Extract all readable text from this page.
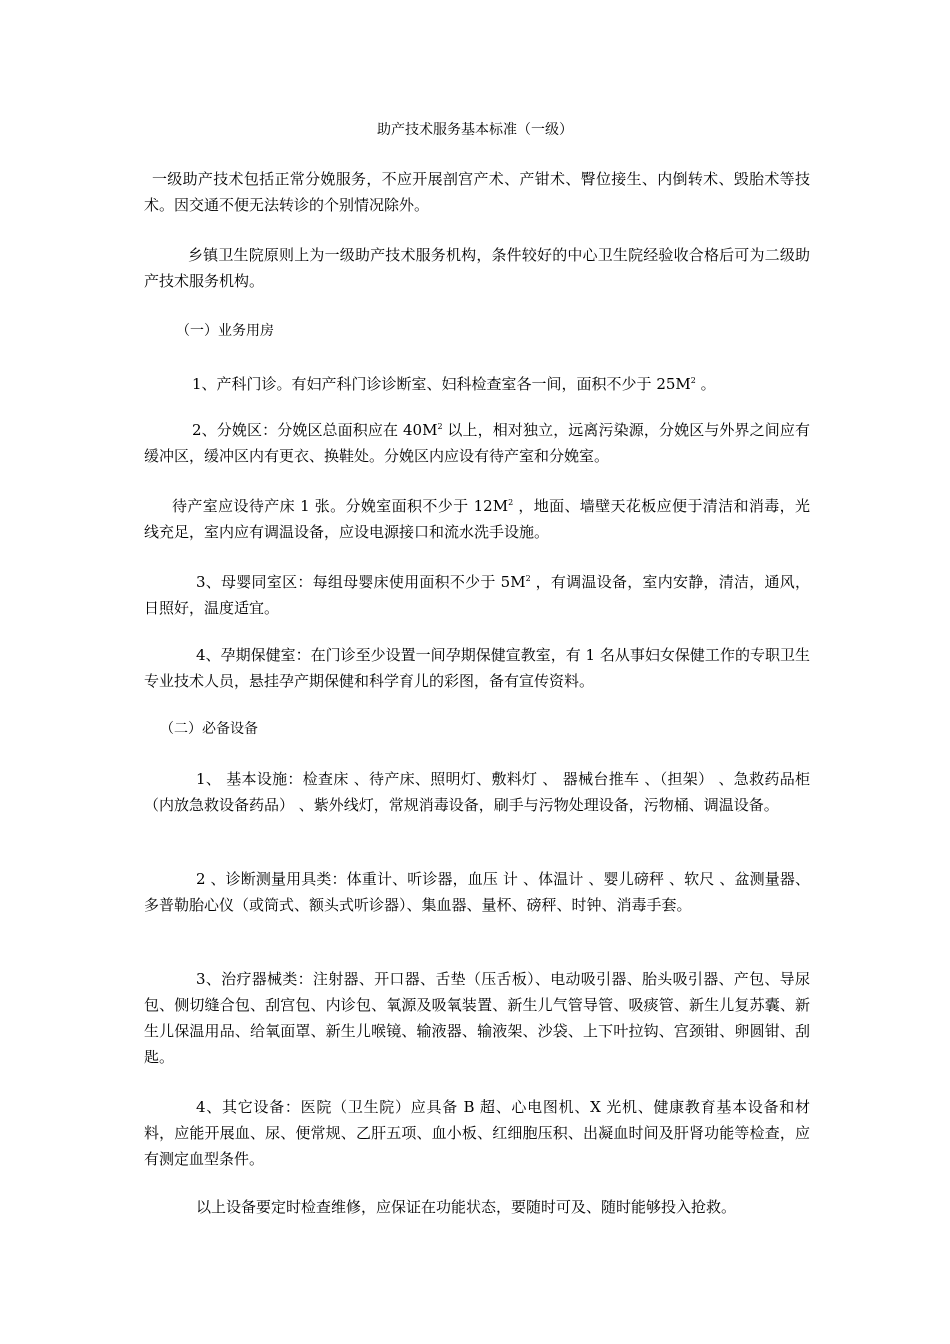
助产技术服务基本标准（一级）

一级助产技术包括正常分娩服务，不应开展剖宫产术、产钳术、臀位接生、内倒转术、毁胎术等技术。因交通不便无法转诊的个别情况除外。

乡镇卫生院原则上为一级助产技术服务机构，条件较好的中心卫生院经验收合格后可为二级助产技术服务机构。

（一）业务用房

1、产科门诊。有妇产科门诊诊断室、妇科检查室各一间，面积不少于 $25M^2$ 。

2、分娩区：分娩区总面积应在 $40M^2$ 以上，相对独立，远离污染源，分娩区与外界之间应有缓冲区，缓冲区内有更衣、换鞋处。分娩区内应设有待产室和分娩室。

待产室应设待产床 1 张。分娩室面积不少于 $12M^2$ ，地面、墙壁天花板应便于清洁和消毒，光线充足，室内应有调温设备，应设电源接口和流水洗手设施。

3、母婴同室区：每组母婴床使用面积不少于 $5M^2$ ，有调温设备，室内安静，清洁，通风，日照好，温度适宜。

4、孕期保健室：在门诊至少设置一间孕期保健宣教室，有 1 名从事妇女保健工作的专职卫生专业技术人员，悬挂孕产期保健和科学育儿的彩图，备有宣传资料。

（二）必备设备

1、 基本设施：检查床 、待产床、照明灯、敷料灯 、 器械台推车 、（担架） 、急救药品柜（内放急救设备药品） 、紫外线灯，常规消毒设备，刷手与污物处理设备，污物桶、调温设备。

2 、诊断测量用具类：体重计、听诊器，血压 计 、体温计 、婴儿磅秤 、软尺 、盆测量器、多普勒胎心仪（或筒式、额头式听诊器）、集血器、量杯、磅秤、时钟、消毒手套。

3、治疗器械类：注射器、开口器、舌垫（压舌板）、电动吸引器、胎头吸引器、产包、导尿包、侧切缝合包、刮宫包、内诊包、氧源及吸氧装置、新生儿气管导管、吸痰管、新生儿复苏囊、新生儿保温用品、给氧面罩、新生儿喉镜、输液器、输液架、沙袋、上下叶拉钩、宫颈钳、卵圆钳、刮匙。

4、其它设备：医院（卫生院）应具备 B 超、心电图机、X 光机、健康教育基本设备和材料，应能开展血、尿、便常规、乙肝五项、血小板、红细胞压积、出凝血时间及肝肾功能等检查，应有测定血型条件。

以上设备要定时检查维修，应保证在功能状态，要随时可及、随时能够投入抢救。
